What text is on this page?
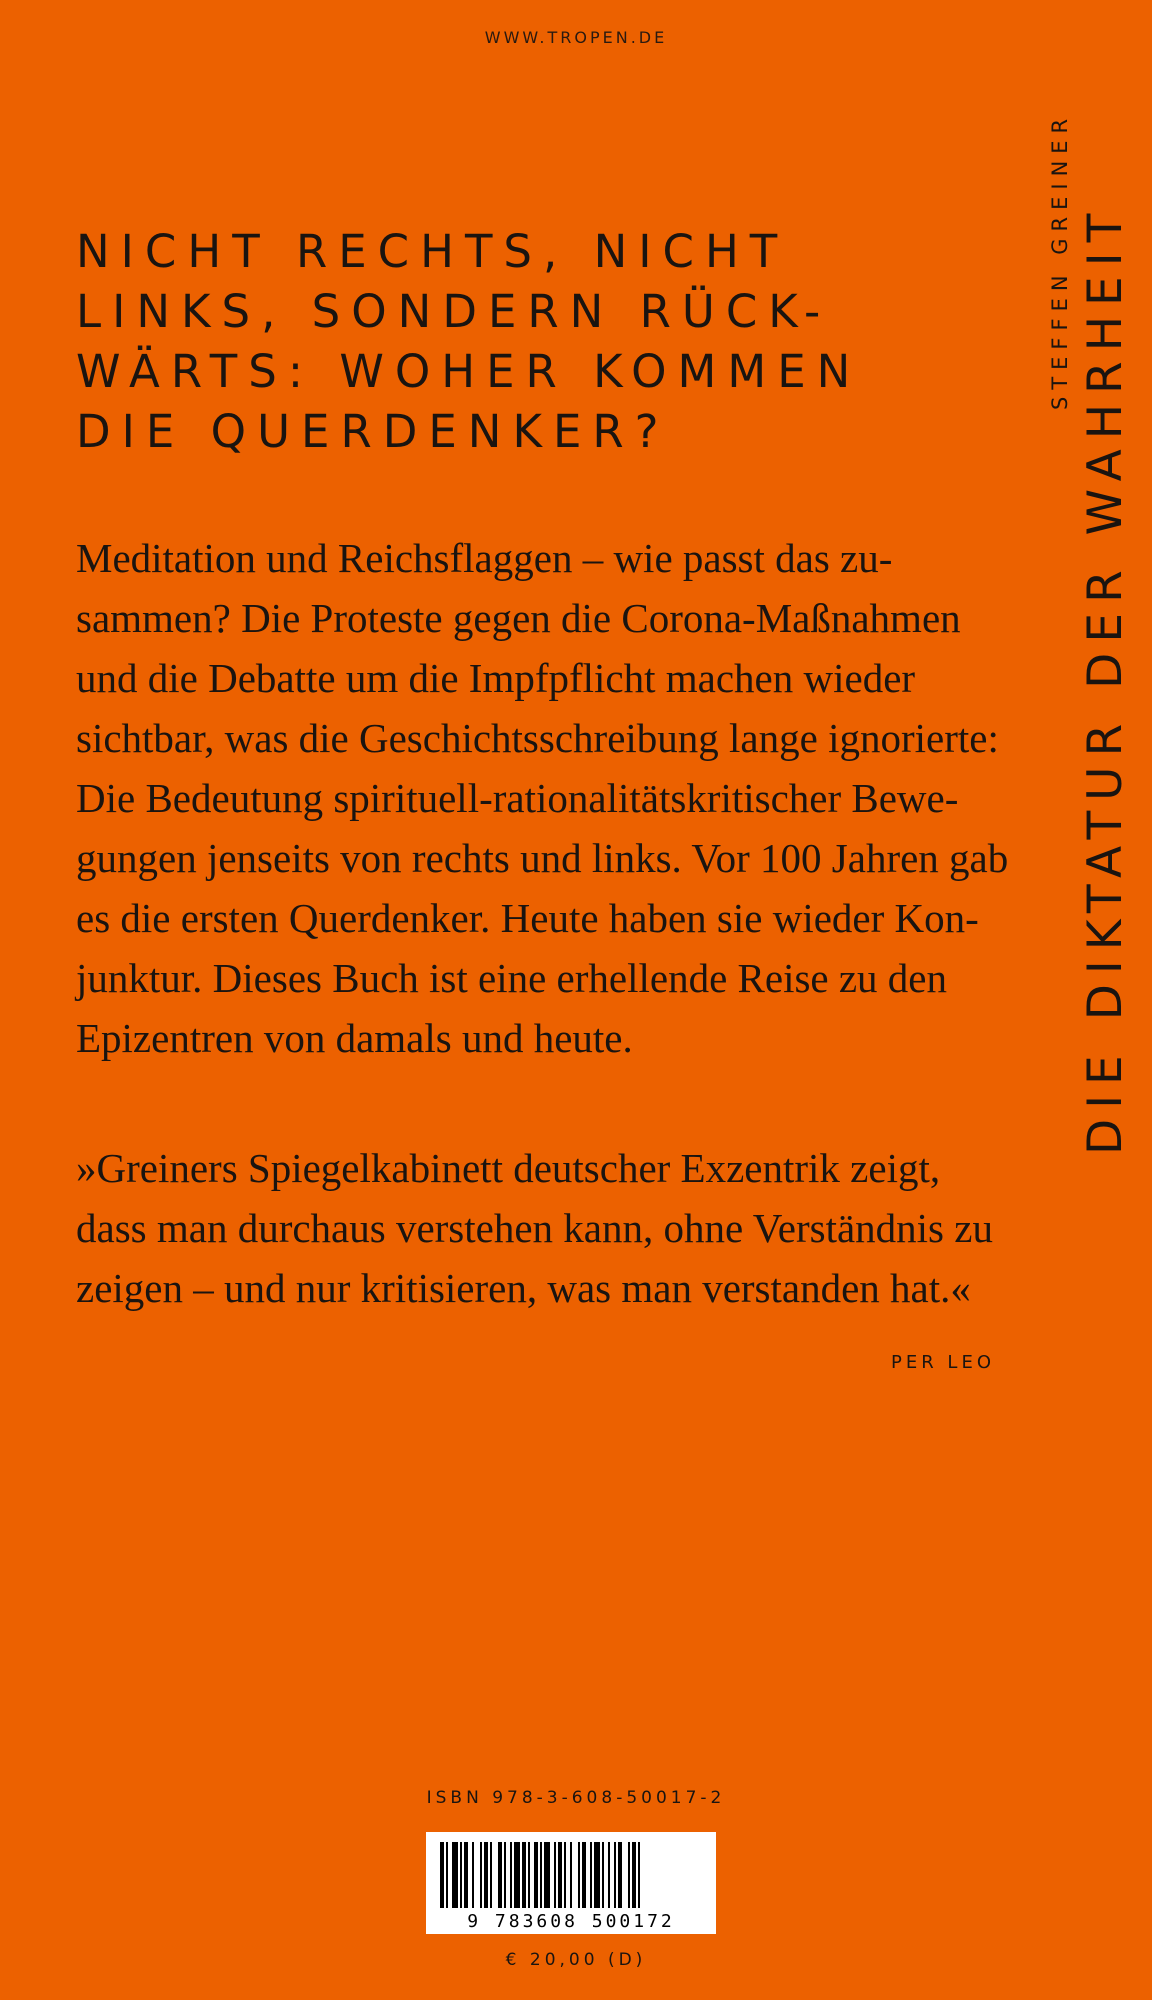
WWW.TROPEN.DE
NICHT RECHTS, NICHT
LINKS, SONDERN RÜCK-
WÄRTS: WOHER KOMMEN
DIE QUERDENKER?

Meditation und Reichsflaggen – wie passt das zu-
sammen? Die Proteste gegen die Corona-Maßnahmen
und die Debatte um die Impfpflicht machen wieder
sichtbar, was die Geschichtsschreibung lange ignorierte:
Die Bedeutung spirituell-rationalitätskritischer Bewe-
gungen jenseits von rechts und links. Vor 100 Jahren gab
es die ersten Querdenker. Heute haben sie wieder Kon-
junktur. Dieses Buch ist eine erhellende Reise zu den
Epizentren von damals und heute.

»Greiners Spiegelkabinett deutscher Exzentrik zeigt,
dass man durchaus verstehen kann, ohne Verständnis zu
zeigen – und nur kritisieren, was man verstanden hat.«

PER LEO
STEFFEN GREINER DIE DIKTATUR DER WAHRHEIT
ISBN 978-3-608-50017-2
9 783608 500172
€ 20,00 (D)
